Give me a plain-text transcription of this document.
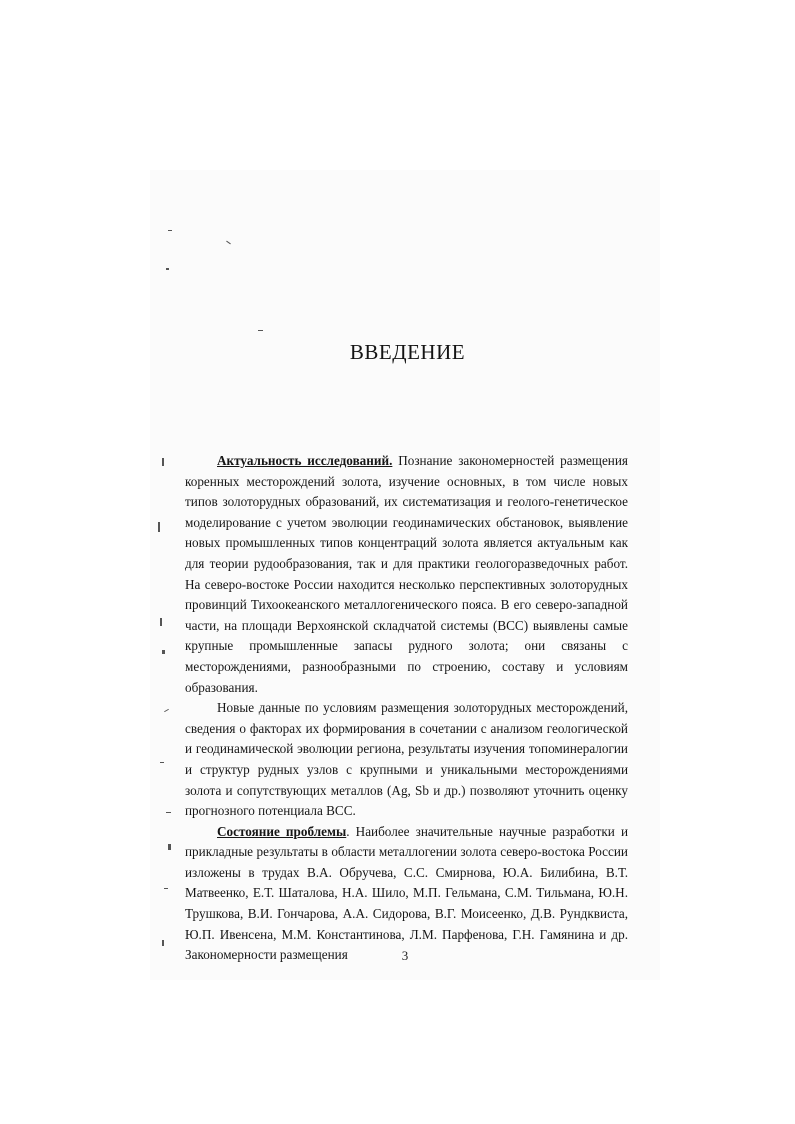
ВВЕДЕНИЕ

Актуальность исследований. Познание закономерностей размещения коренных месторождений золота, изучение основных, в том числе новых типов золоторудных образований, их систематизация и геолого-генетическое моделирование с учетом эволюции геодинамических обстановок, выявление новых промышленных типов концентраций золота является актуальным как для теории рудообразования, так и для практики геологоразведочных работ. На северо-востоке России находится несколько перспективных золоторудных провинций Тихоокеанского металлогенического пояса. В его северо-западной части, на площади Верхоянской складчатой системы (ВСС) выявлены самые крупные промышленные запасы рудного золота; они связаны с месторождениями, разнообразными по строению, составу и условиям образования.

Новые данные по условиям размещения золоторудных месторождений, сведения о факторах их формирования в сочетании с анализом геологической и геодинамической эволюции региона, результаты изучения топоминералогии и структур рудных узлов с крупными и уникальными месторождениями золота и сопутствующих металлов (Ag, Sb и др.) позволяют уточнить оценку прогнозного потенциала ВСС.

Состояние проблемы. Наиболее значительные научные разработки и прикладные результаты в области металлогении золота северо-востока России изложены в трудах В.А. Обручева, С.С. Смирнова, Ю.А. Билибина, В.Т. Матвеенко, Е.Т. Шаталова, Н.А. Шило, М.П. Гельмана, С.М. Тильмана, Ю.Н. Трушкова, В.И. Гончарова, А.А. Сидорова, В.Г. Моисеенко, Д.В. Рундквиста, Ю.П. Ивенсена, М.М. Константинова, Л.М. Парфенова, Г.Н. Гамянина и др. Закономерности размещения	3
